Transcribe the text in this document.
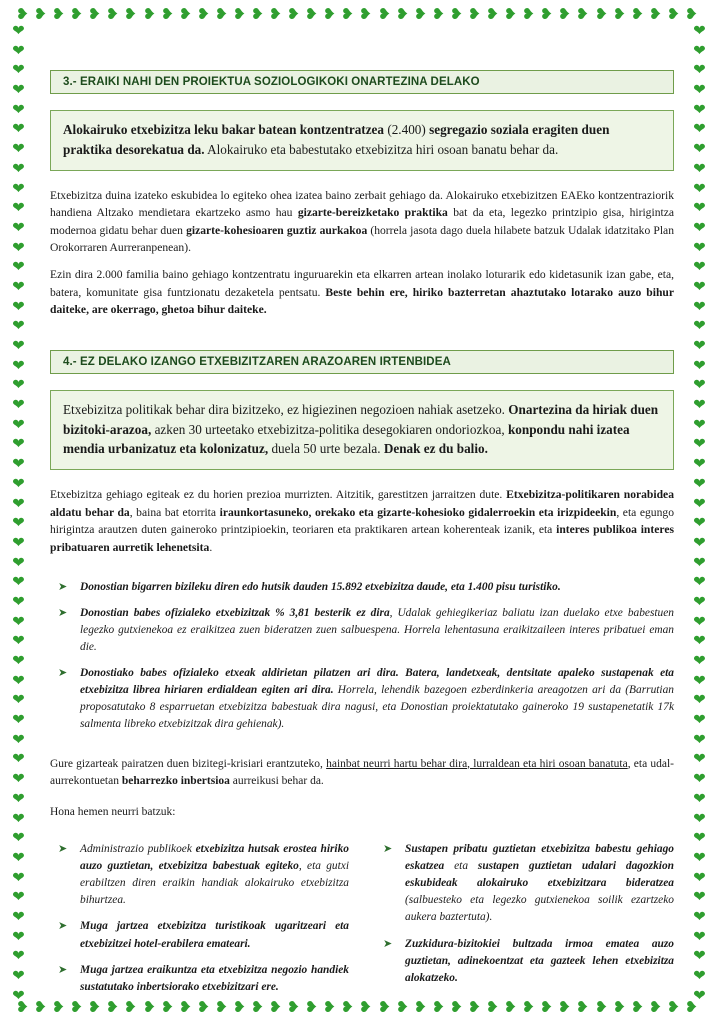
❥ ❥ ❥ ❥ ❥ ❥ ❥ ❥ ❥ ❥ ❥ ❥ ❥ ❥ ❥ ❥ ❥ ❥ ❥ ❥ ❥ ❥ ❥ ❥ ❥ ❥ ❥ ❥ ❥ ❥ ❥ ❥ ❥ ❥ ❥ ❥ ❥ ❥
❥ ❥ ❥ ❥ ❥ ❥ ❥ ❥ ❥ ❥ ❥ ❥ ❥ ❥ ❥ ❥ ❥ ❥ ❥ ❥ ❥ ❥ ❥ ❥ ❥ ❥ ❥ ❥ ❥ ❥ ❥ ❥ ❥ ❥ ❥ ❥ ❥ ❥
❥
❥
❥
❥
❥
❥
❥
❥
❥
❥
❥
❥
❥
❥
❥
❥
❥
❥
❥
❥
❥
❥
❥
❥
❥
❥
❥
❥
❥
❥
❥
❥
❥
❥
❥
❥
❥
❥
❥
❥
❥
❥
❥
❥
❥
❥
❥
❥
❥
❥
❥
❥
❥
❥
❥
❥
❥
❥
❥
❥
❥
❥
❥
❥
❥
❥
❥
❥
❥
❥
❥
❥
❥
❥
❥
❥
❥
❥
❥
❥
❥
❥
❥
❥
❥
❥
❥
❥
❥
❥
❥
❥
❥
❥
❥
❥
❥
❥
❥
❥
3.- ERAIKI NAHI DEN PROIEKTUA SOZIOLOGIKOKI ONARTEZINA DELAKO
Alokairuko etxebizitza leku bakar batean kontzentratzea (2.400) segregazio soziala eragiten duen praktika desorekatua da. Alokairuko eta babestutako etxebizitza hiri osoan banatu behar da.
Etxebizitza duina izateko eskubidea lo egiteko ohea izatea baino zerbait gehiago da. Alokairuko etxebizitzen EAEko kontzentraziorik handiena Altzako mendietara ekartzeko asmo hau gizarte-bereizketako praktika bat da eta, legezko printzipio gisa, hirigintza modernoa gidatu behar duen gizarte-kohesioaren guztiz aurkakoa (horrela jasota dago duela hilabete batzuk Udalak idatzitako Plan Orokorraren Aurreranpenean).
Ezin dira 2.000 familia baino gehiago kontzentratu inguruarekin eta elkarren artean inolako loturarik edo kidetasunik izan gabe, eta, batera, komunitate gisa funtzionatu dezaketela pentsatu. Beste behin ere, hiriko bazterretan ahaztutako lotarako auzo bihur daiteke, are okerrago, ghetoa bihur daiteke.
4.- EZ DELAKO IZANGO ETXEBIZITZAREN ARAZOAREN IRTENBIDEA
Etxebizitza politikak behar dira bizitzeko, ez higiezinen negozioen nahiak asetzeko. Onartezina da hiriak duen bizitoki-arazoa, azken 30 urteetako etxebizitza-politika desegokiaren ondoriozkoa, konpondu nahi izatea mendia urbanizatuz eta kolonizatuz, duela 50 urte bezala. Denak ez du balio.
Etxebizitza gehiago egiteak ez du horien prezioa murrizten. Aitzitik, garestitzen jarraitzen dute. Etxebizitza-politikaren norabidea aldatu behar da, baina bat etorrita iraunkortasuneko, orekako eta gizarte-kohesioko gidalerroekin eta irizpideekin, eta egungo hirigintza arautzen duten gaineroko printzipioekin, teoriaren eta praktikaren artean koherenteak izanik, eta interes publikoa interes pribatuaren aurretik lehenetsita.
➤ Donostian bigarren bizileku diren edo hutsik dauden 15.892 etxebizitza daude, eta 1.400 pisu turistiko.
➤ Donostian babes ofizialeko etxebizitzak % 3,81 besterik ez dira, Udalak gehiegikeriaz baliatu izan duelako etxe babestuen legezko gutxienekoa ez eraikitzea zuen bideratzen zuen salbuespena. Horrela lehentasuna eraikitzaileen interes pribatuei eman die.
➤ Donostiako babes ofizialeko etxeak aldirietan pilatzen ari dira. Batera, landetxeak, dentsitate apaleko sustapenak eta etxebizitza librea hiriaren erdialdean egiten ari dira. Horrela, lehendik bazegoen ezberdinkeria areagotzen ari da (Barrutian proposatutako 8 esparruetan etxebizitza babestuak dira nagusi, eta Donostian proiektatutako gaineroko 19 sustapenetatik 17k salmenta libreko etxebizitzak dira gehienak).
Gure gizarteak pairatzen duen bizitegi-krisiari erantzuteko, hainbat neurri hartu behar dira, lurraldean eta hiri osoan banatuta, eta udal-aurrekontuetan beharrezko inbertsioa aurreikusi behar da.
Hona hemen neurri batzuk:
➤ Administrazio publikoek etxebizitza hutsak erostea hiriko auzo guztietan, etxebizitza babestuak egiteko, eta gutxi erabiltzen diren eraikin handiak alokairuko etxebizitza bihurtzea.
➤ Muga jartzea etxebizitza turistikoak ugaritzeari eta etxebizitzei hotel-erabilera emateari.
➤ Muga jartzea eraikuntza eta etxebizitza negozio handiek sustatutako inbertsiorako etxebizitzari ere.
➤ Sustapen pribatu guztietan etxebizitza babestu gehiago eskatzea eta sustapen guztietan udalari dagozkion eskubideak alokairuko etxebizitzara bideratzea (salbuesteko eta legezko gutxienekoa soilik ezartzeko aukera baztertuta).
➤ Zuzkidura-bizitokiei bultzada irmoa ematea auzo guztietan, adinekoentzat eta gazteek lehen etxebizitza alokatzeko.
